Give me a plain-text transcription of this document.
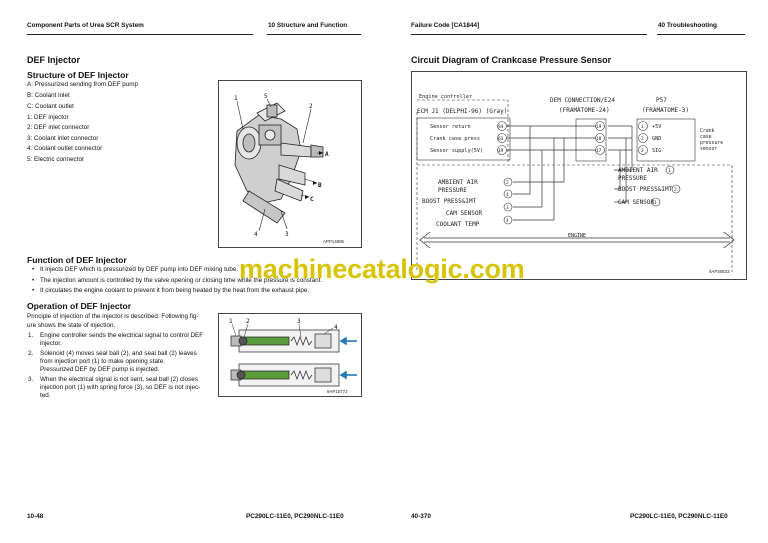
Component Parts of Urea SCR System	10 Structure and Function
DEF Injector
Structure of DEF Injector
A: Pressurized sending from DEF pump
B: Coolant inlet
C: Coolant outlet
1: DEF injector
2: DEF inlet connector
3: Coolant inlet connector
4: Coolant outlet connector
5: Electric connector
1	5
2
A
B
C
4	3
APP14895
Function of DEF Injector
• It injects DEF which is pressurized by DEF pump into DEF mixing tube.
• The injection amount is controlled by the valve opening or closing time while the pressure is constant.
• It circulates the engine coolant to prevent it from being heated by the heat from the exhaust pipe.
Operation of DEF Injector
Principle of injection of the injector is described. Following fig-
ure shows the state of injection.
1. Engine controller sends the electrical signal to control DEF
injector.
2. Solenoid (4) moves seal ball (2), and seal ball (2) leaves
from injection port (1) to make opening state.
Pressurized DEF by DEF pump is injected.
3. When the electrical signal is not sent, seal ball (2) closes
injection port (1) with spring force (3), so DEF is not injec-
ted.
1 2	3
4
9AP15772
10-48	PC290LC-11E0, PC290NLC-11E0
Failure Code [CA1844]	40 Troubleshooting
Circuit Diagram of Crankcase Pressure Sensor
Engine controller
ECM J1 (DELPHI-96) (Gray)
Sensor return
Crank case press
Sensor supply(5V)
94
63
19
DEM CONNECTION/E24
(FRAMATOME-24)
19
18
17
P57
(FRAMATOME-3)
1
2
3
+5V
GND
SIG
Crank
case
pressure
sensor
AMBIENT AIR
PRESSURE
2
BOOST PRESS&IMT
4
CAM SENSOR
3
COOLANT TEMP	4
AMBIENT AIR
PRESSURE
1
BOOST PRESS&IMT 2
CAM SENSOR 1
ENGINE
9AP30833
40-370	PC290LC-11E0, PC290NLC-11E0
machinecatalogic.com
